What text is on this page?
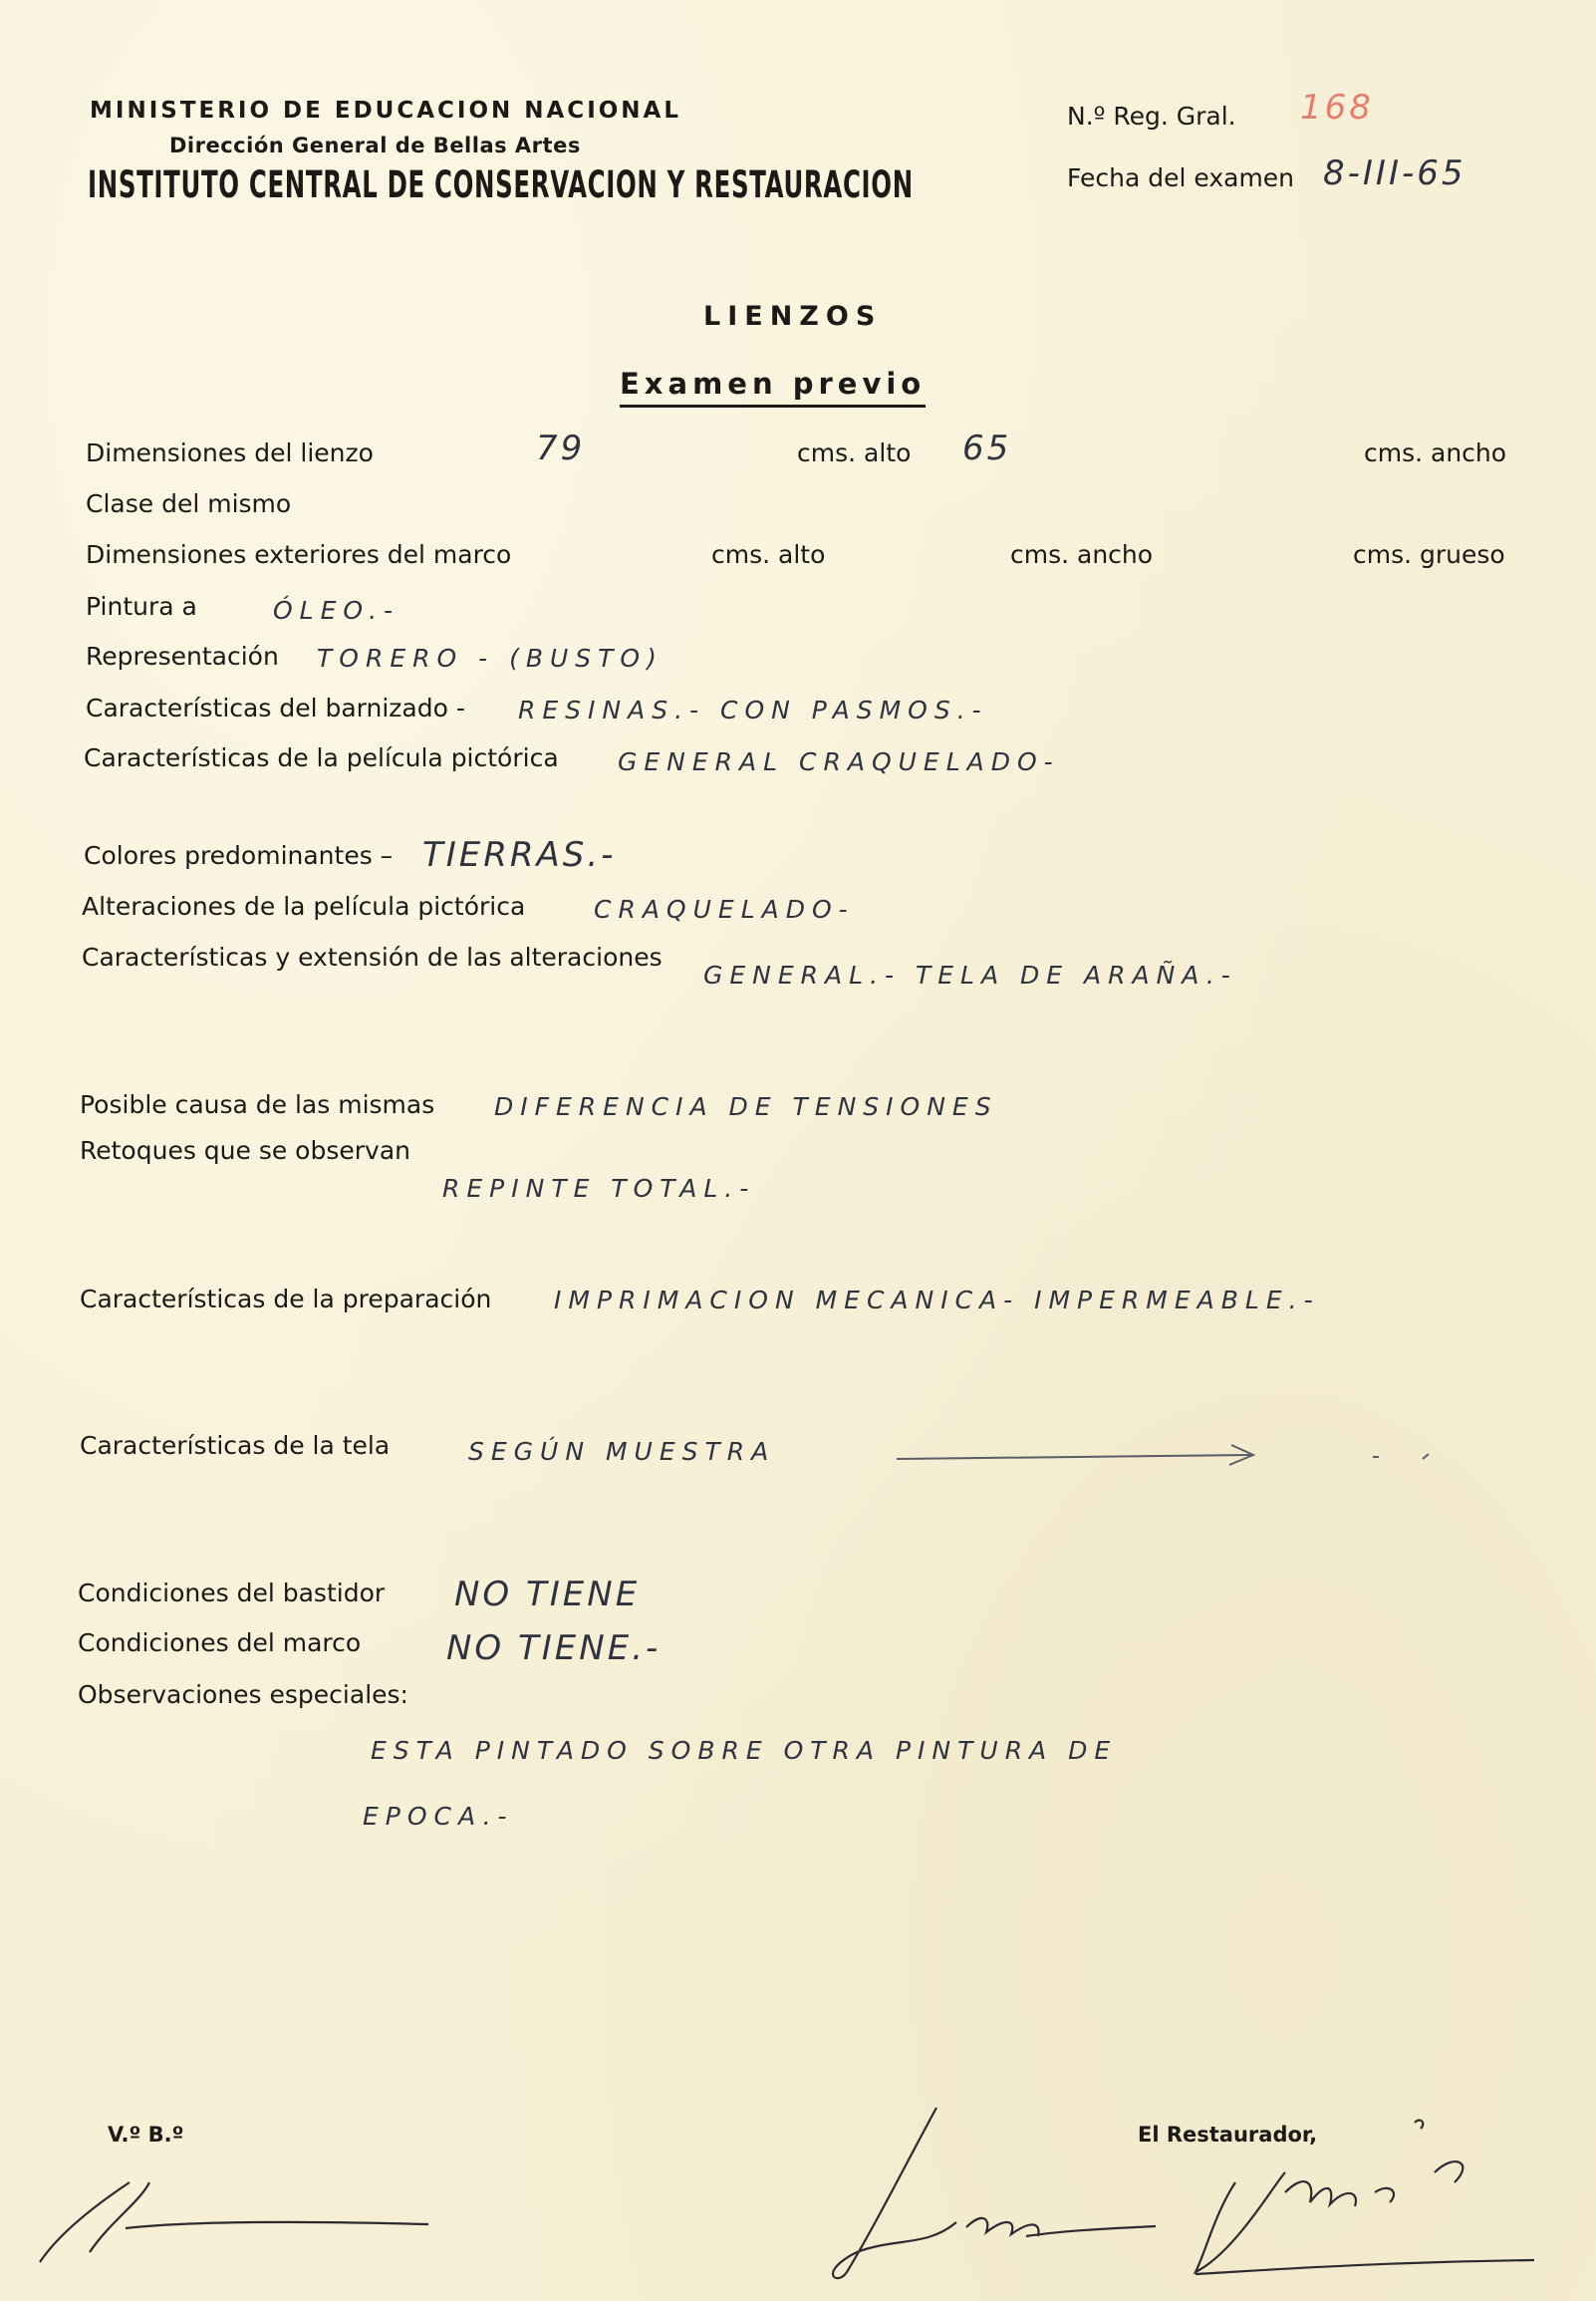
MINISTERIO DE EDUCACION NACIONAL
Dirección General de Bellas Artes
INSTITUTO CENTRAL DE CONSERVACION Y RESTAURACION
N.º Reg. Gral. 168
Fecha del examen 8-III-65
LIENZOS
Examen previo
Dimensiones del lienzo	79	cms. alto 65	cms. ancho
Clase del mismo
Dimensiones exteriores del marco	cms. alto	cms. ancho	cms. grueso
Pintura a	ÓLEO.-
Representación TORERO - (BUSTO)
Características del barnizado - RESINAS.- CON PASMOS.-
Características de la película pictórica GENERAL CRAQUELADO-
Colores predominantes – TIERRAS.-
Alteraciones de la película pictórica	CRAQUELADO-
Características y extensión de las alteraciones
GENERAL.- TELA DE ARAÑA.-
Posible causa de las mismas DIFERENCIA DE TENSIONES
Retoques que se observan
REPINTE TOTAL.-
Características de la preparación	IMPRIMACION MECANICA- IMPERMEABLE.-
Características de la tela	SEGÚN MUESTRA
Condiciones del bastidor NO TIENE
Condiciones del marco	NO TIENE.-
Observaciones especiales:
ESTA PINTADO SOBRE OTRA PINTURA DE
EPOCA.-
V.º B.º	El Restaurador,
